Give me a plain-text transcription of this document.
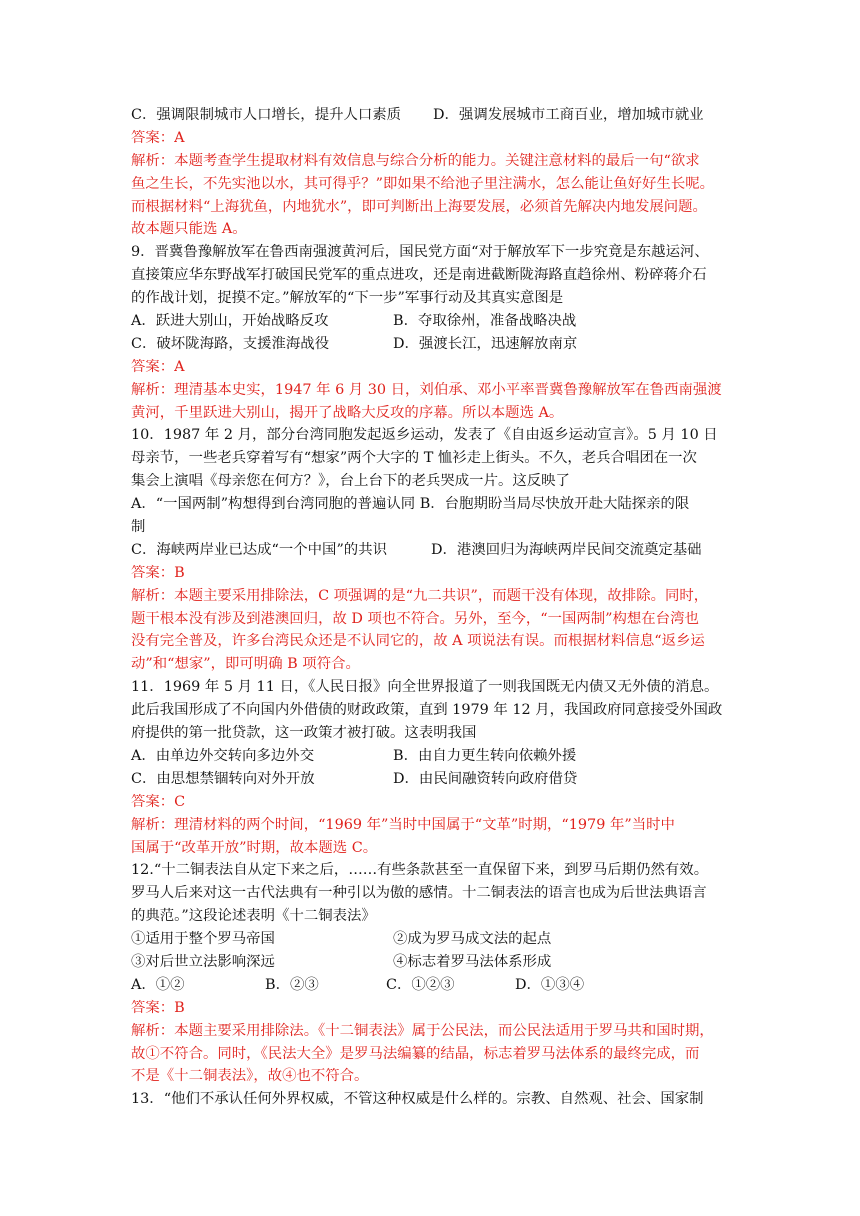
C．强调限制城市人口增长，提升人口素质 D．强调发展城市工商百业，增加城市就业
答案：A
解析：本题考查学生提取材料有效信息与综合分析的能力。关键注意材料的最后一句“欲求
鱼之生长，不先实池以水，其可得乎？”即如果不给池子里注满水，怎么能让鱼好好生长呢。
而根据材料“上海犹鱼，内地犹水”，即可判断出上海要发展，必须首先解决内地发展问题。
故本题只能选 A。
9．晋冀鲁豫解放军在鲁西南强渡黄河后，国民党方面“对于解放军下一步究竟是东越运河、
直接策应华东野战军打破国民党军的重点进攻，还是南进截断陇海路直趋徐州、粉碎蒋介石
的作战计划，捉摸不定。”解放军的“下一步”军事行动及其真实意图是
A．跃进大别山，开始战略反攻	B．夺取徐州，准备战略决战
C．破坏陇海路，支援淮海战役	D．强渡长江，迅速解放南京
答案：A
解析：理清基本史实，1947 年 6 月 30 日，刘伯承、邓小平率晋冀鲁豫解放军在鲁西南强渡
黄河，千里跃进大别山，揭开了战略大反攻的序幕。所以本题选 A。
10．1987 年 2 月，部分台湾同胞发起返乡运动，发表了《自由返乡运动宣言》。5 月 10 日
母亲节，一些老兵穿着写有“想家”两个大字的 T 恤衫走上街头。不久，老兵合唱团在一次
集会上演唱《母亲您在何方？》，台上台下的老兵哭成一片。这反映了
A．“一国两制”构想得到台湾同胞的普遍认同 B．台胞期盼当局尽快放开赴大陆探亲的限
制
C．海峡两岸业已达成“一个中国”的共识	D．港澳回归为海峡两岸民间交流奠定基础
答案：B
解析：本题主要采用排除法，C 项强调的是“九二共识”，而题干没有体现，故排除。同时，
题干根本没有涉及到港澳回归，故 D 项也不符合。另外，至今，“一国两制”构想在台湾也
没有完全普及，许多台湾民众还是不认同它的，故 A 项说法有误。而根据材料信息“返乡运
动”和“想家”，即可明确 B 项符合。
11．1969 年 5 月 11 日，《人民日报》向全世界报道了一则我国既无内债又无外债的消息。
此后我国形成了不向国内外借债的财政政策，直到 1979 年 12 月，我国政府同意接受外国政
府提供的第一批贷款，这一政策才被打破。这表明我国
A．由单边外交转向多边外交	B．由自力更生转向依赖外援
C．由思想禁锢转向对外开放	D．由民间融资转向政府借贷
答案：C
解析：理清材料的两个时间，“1969 年”当时中国属于“文革”时期，“1979 年”当时中
国属于“改革开放”时期，故本题选 C。
12.“十二铜表法自从定下来之后，……有些条款甚至一直保留下来，到罗马后期仍然有效。
罗马人后来对这一古代法典有一种引以为傲的感情。十二铜表法的语言也成为后世法典语言
的典范。”这段论述表明《十二铜表法》
①适用于整个罗马帝国	②成为罗马成文法的起点
③对后世立法影响深远	④标志着罗马法体系形成
A．①②	B．②③	C．①②③	D．①③④
答案：B
解析：本题主要采用排除法。《十二铜表法》属于公民法，而公民法适用于罗马共和国时期，
故①不符合。同时，《民法大全》是罗马法编纂的结晶，标志着罗马法体系的最终完成，而
不是《十二铜表法》，故④也不符合。
13．“他们不承认任何外界权威，不管这种权威是什么样的。宗教、自然观、社会、国家制
